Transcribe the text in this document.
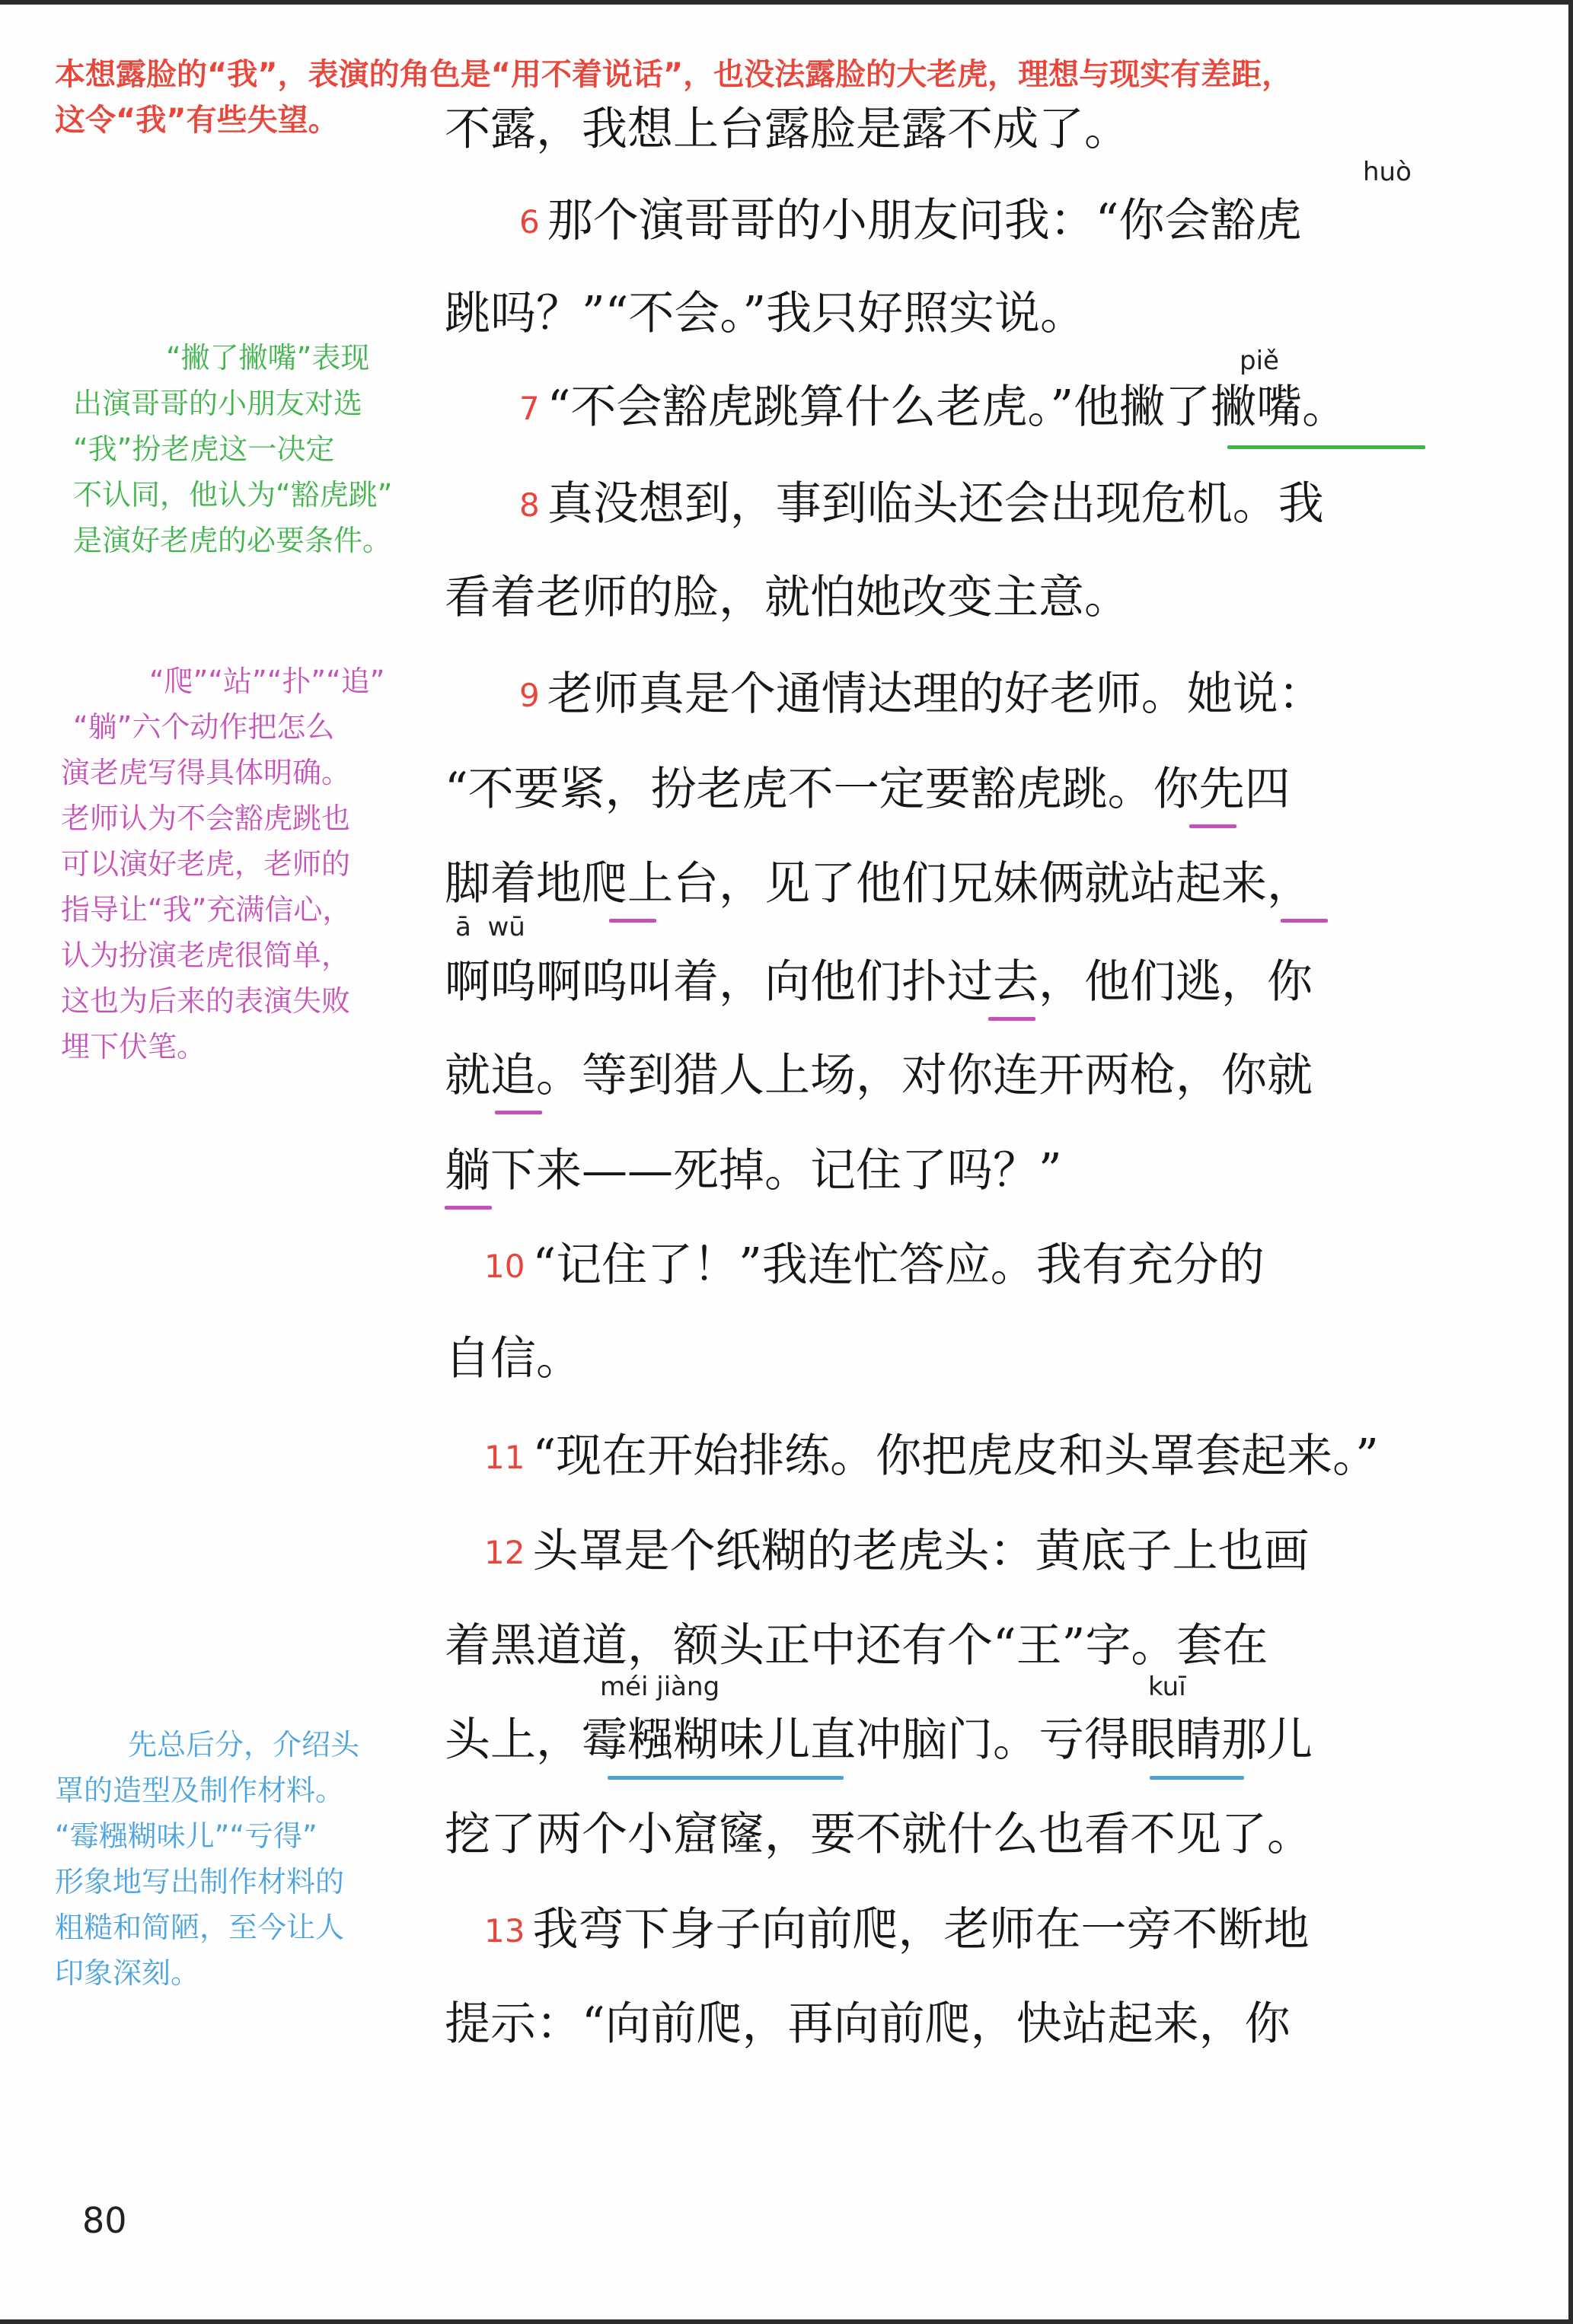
本想露脸的“我”，表演的角色是“用不着说话”，也没法露脸的大老虎，理想与现实有差距，
这令“我”有些失望。
“撇了撇嘴”表现
出演哥哥的小朋友对选
“我”扮老虎这一决定
不认同，他认为“豁虎跳”
是演好老虎的必要条件。
“爬”“站”“扑”“追”
“躺”六个动作把怎么
演老虎写得具体明确。
老师认为不会豁虎跳也
可以演好老虎，老师的
指导让“我”充满信心，
认为扮演老虎很简单，
这也为后来的表演失败
埋下伏笔。
先总后分，介绍头
罩的造型及制作材料。
“霉糨糊味儿”“亏得”
形象地写出制作材料的
粗糙和简陋，至今让人
印象深刻。
huò
piě
ā  wū
méi jiàng	kuī
不露，我想上台露脸是露不成了。
6 那个演哥哥的小朋友问我：“你会豁虎
跳吗？”“不会。”我只好照实说。
7 “不会豁虎跳算什么老虎。”他撇了撇嘴。
8 真没想到，事到临头还会出现危机。我
看着老师的脸，就怕她改变主意。
9 老师真是个通情达理的好老师。她说：
“不要紧，扮老虎不一定要豁虎跳。你先四
脚着地爬上台，见了他们兄妹俩就站起来，
啊呜啊呜叫着，向他们扑过去，他们逃，你
就追。等到猎人上场，对你连开两枪，你就
躺下来——死掉。记住了吗？”
10 “记住了！”我连忙答应。我有充分的
自信。
11 “现在开始排练。你把虎皮和头罩套起来。”
12 头罩是个纸糊的老虎头：黄底子上也画
着黑道道，额头正中还有个“王”字。套在
头上，霉糨糊味儿直冲脑门。亏得眼睛那儿
挖了两个小窟窿，要不就什么也看不见了。
13 我弯下身子向前爬，老师在一旁不断地
提示：“向前爬，再向前爬，快站起来，你
80
